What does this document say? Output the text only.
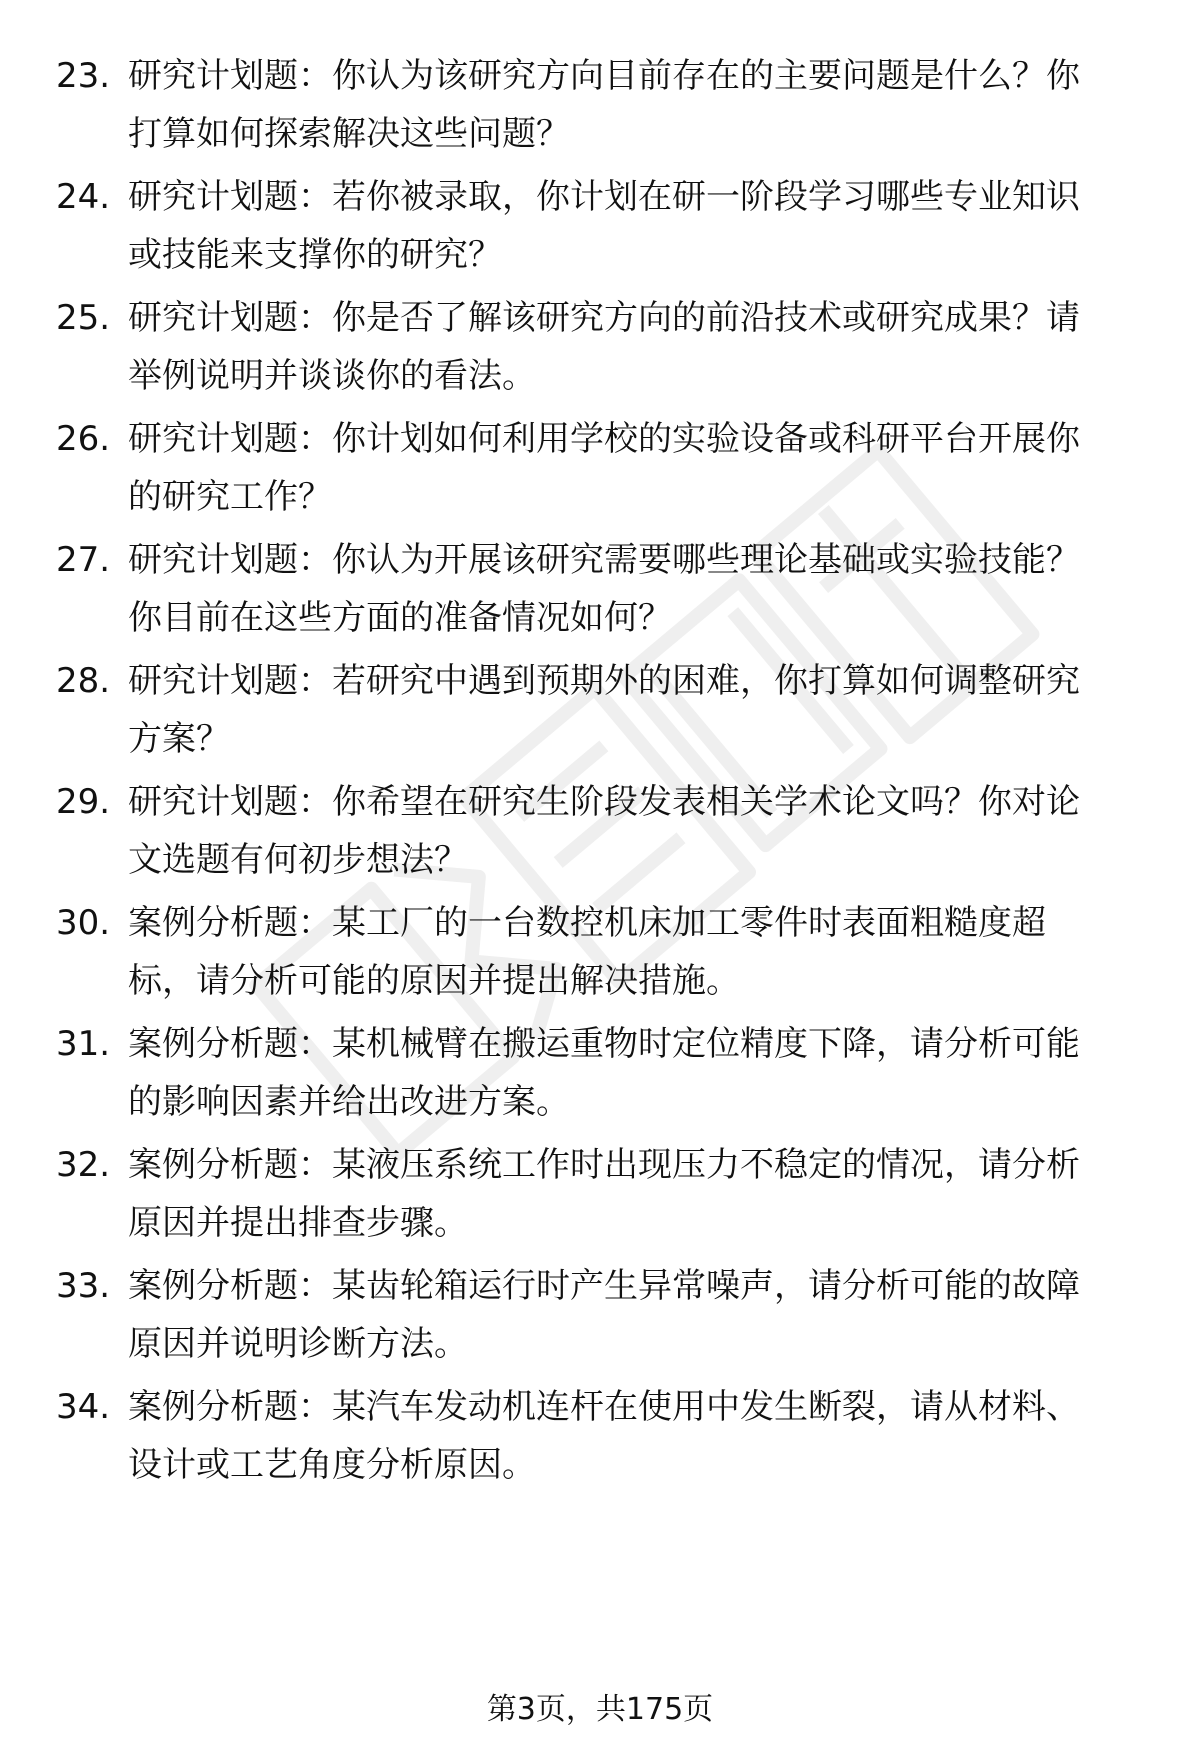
23. 研究计划题：你认为该研究方向目前存在的主要问题是什么？你
打算如何探索解决这些问题？
24. 研究计划题：若你被录取，你计划在研一阶段学习哪些专业知识
或技能来支撑你的研究？
25. 研究计划题：你是否了解该研究方向的前沿技术或研究成果？请
举例说明并谈谈你的看法。
26. 研究计划题：你计划如何利用学校的实验设备或科研平台开展你
的研究工作？
27. 研究计划题：你认为开展该研究需要哪些理论基础或实验技能？
你目前在这些方面的准备情况如何？
28. 研究计划题：若研究中遇到预期外的困难，你打算如何调整研究
方案？
29. 研究计划题：你希望在研究生阶段发表相关学术论文吗？你对论
文选题有何初步想法？
30. 案例分析题：某工厂的一台数控机床加工零件时表面粗糙度超
标，请分析可能的原因并提出解决措施。
31. 案例分析题：某机械臂在搬运重物时定位精度下降，请分析可能
的影响因素并给出改进方案。
32. 案例分析题：某液压系统工作时出现压力不稳定的情况，请分析
原因并提出排查步骤。
33. 案例分析题：某齿轮箱运行时产生异常噪声，请分析可能的故障
原因并说明诊断方法。
34. 案例分析题：某汽车发动机连杆在使用中发生断裂，请从材料、
设计或工艺角度分析原因。
第3页，共175页
